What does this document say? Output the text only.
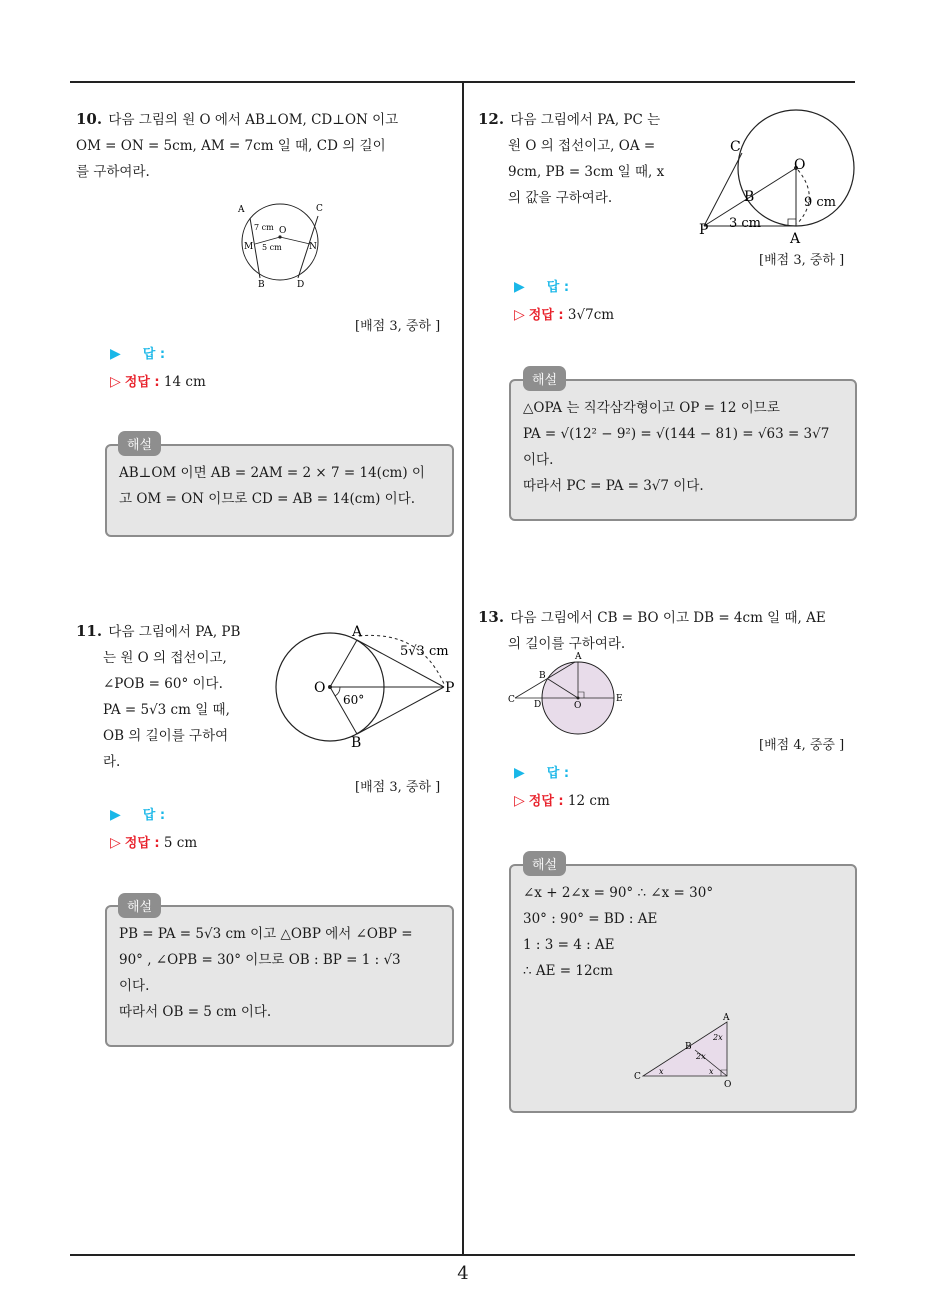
4
10. 다음 그림의 원 O 에서 AB⊥OM, CD⊥ON 이고
OM = ON = 5cm, AM = 7cm 일 때, CD 의 길이
를 구하여라.
A	C
O
M	N
B	D
7 cm
5 cm
[배점 3, 중하 ]
▶ 답 :
▷ 정답 : 14 cm
AB⊥OM 이면 AB = 2AM = 2 × 7 = 14(cm) 이
고 OM = ON 이므로 CD = AB = 14(cm) 이다.
해설
11. 다음 그림에서 PA, PB
는 원 O 의 접선이고,
∠POB = 60° 이다.
PA = 5√3 cm 일 때,
OB 의 길이를 구하여
라.
A
B
O	P
60°
5√3 cm
[배점 3, 중하 ]
▶ 답 :
▷ 정답 : 5 cm
PB = PA = 5√3 cm 이고 △OBP 에서 ∠OBP =
90° , ∠OPB = 30° 이므로 OB : BP = 1 : √3
이다.
따라서 OB = 5 cm 이다.
해설
12. 다음 그림에서 PA, PC 는
원 O 의 접선이고, OA =
9cm, PB = 3cm 일 때, x
의 값을 구하여라.
C
O
B
P
A
9 cm
3 cm
[배점 3, 중하 ]
▶ 답 :
▷ 정답 : 3√7cm
△OPA 는 직각삼각형이고 OP = 12 이므로
PA = √(12² − 9²) = √(144 − 81) = √63 = 3√7
이다.
따라서 PC = PA = 3√7 이다.
해설
13. 다음 그림에서 CB = BO 이고 DB = 4cm 일 때, AE
의 길이를 구하여라.
A
B
C D	O
E
[배점 4, 중중 ]
▶ 답 :
▷ 정답 : 12 cm
∠x + 2∠x = 90° ∴ ∠x = 30°
30° : 90° = BD : AE
1 : 3 = 4 : AE
∴ AE = 12cm
A
B
C
O
x	x
2x
2x
해설
